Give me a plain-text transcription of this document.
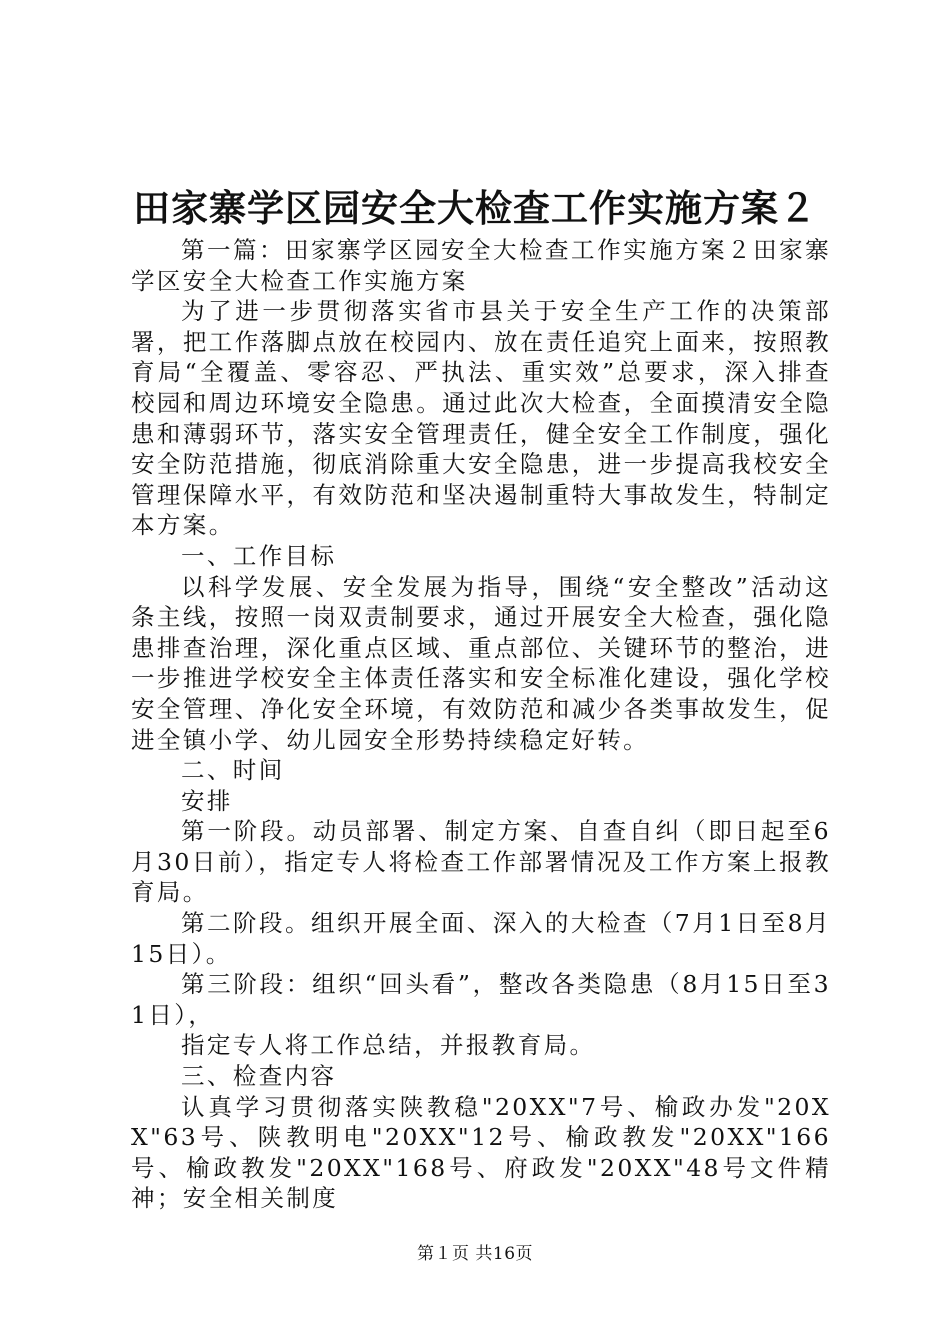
田家寨学区园安全大检查工作实施方案２

第一篇：田家寨学区园安全大检查工作实施方案２田家寨学区安全大检查工作实施方案

为了进一步贯彻落实省市县关于安全生产工作的决策部署，把工作落脚点放在校园内、放在责任追究上面来，按照教育局“全覆盖、零容忍、严执法、重实效”总要求，深入排查校园和周边环境安全隐患。通过此次大检查，全面摸清安全隐患和薄弱环节，落实安全管理责任，健全安全工作制度，强化安全防范措施，彻底消除重大安全隐患，进一步提高我校安全管理保障水平，有效防范和坚决遏制重特大事故发生，特制定本方案。

一、工作目标

以科学发展、安全发展为指导，围绕“安全整改”活动这条主线，按照一岗双责制要求，通过开展安全大检查，强化隐患排查治理，深化重点区域、重点部位、关键环节的整治，进一步推进学校安全主体责任落实和安全标准化建设，强化学校安全管理、净化安全环境，有效防范和减少各类事故发生，促进全镇小学、幼儿园安全形势持续稳定好转。

二、时间

安排

第一阶段。动员部署、制定方案、自查自纠（即日起至6月30日前），指定专人将检查工作部署情况及工作方案上报教育局。

第二阶段。组织开展全面、深入的大检查（7月1日至8月15日）。

第三阶段：组织“回头看”，整改各类隐患（8月15日至31日），

指定专人将工作总结，并报教育局。

三、检查内容

认真学习贯彻落实陕教稳"20XX"7号、榆政办发"20XX"63号、陕教明电"20XX"12号、榆政教发"20XX"166号、榆政教发"20XX"168号、府政发"20XX"48号文件精神；安全相关制度

第１页 共16页
